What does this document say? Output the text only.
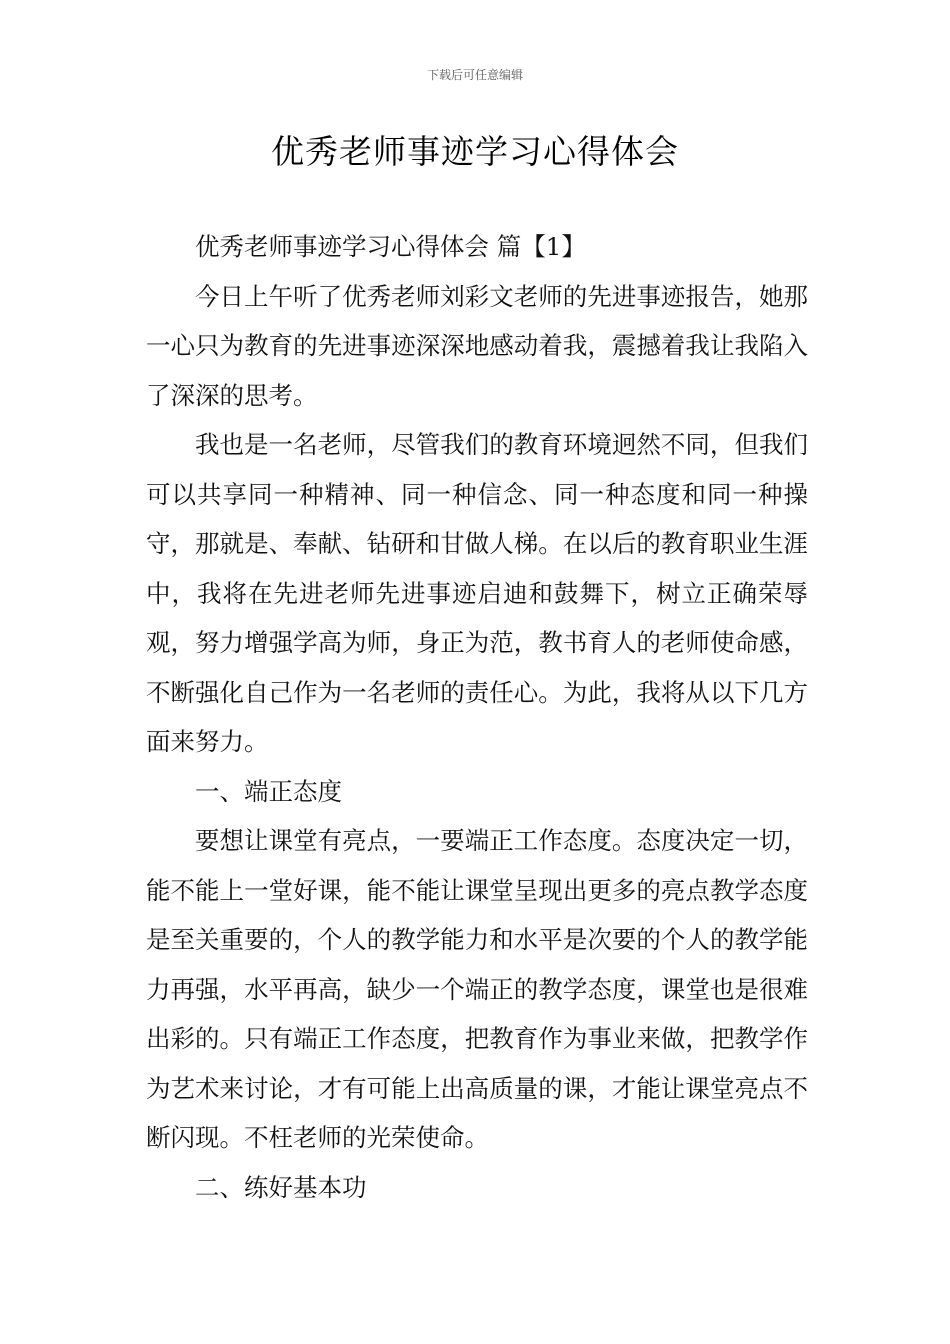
下载后可任意编辑
优秀老师事迹学习心得体会

优秀老师事迹学习心得体会 篇【1】

今日上午听了优秀老师刘彩文老师的先进事迹报告，她那一心只为教育的先进事迹深深地感动着我，震撼着我让我陷入了深深的思考。

我也是一名老师，尽管我们的教育环境迥然不同，但我们可以共享同一种精神、同一种信念、同一种态度和同一种操守，那就是、奉献、钻研和甘做人梯。在以后的教育职业生涯中，我将在先进老师先进事迹启迪和鼓舞下，树立正确荣辱观，努力增强学高为师，身正为范，教书育人的老师使命感，不断强化自己作为一名老师的责任心。为此，我将从以下几方面来努力。

一、端正态度

要想让课堂有亮点，一要端正工作态度。态度决定一切，能不能上一堂好课，能不能让课堂呈现出更多的亮点教学态度是至关重要的，个人的教学能力和水平是次要的个人的教学能力再强，水平再高，缺少一个端正的教学态度，课堂也是很难出彩的。只有端正工作态度，把教育作为事业来做，把教学作为艺术来讨论，才有可能上出高质量的课，才能让课堂亮点不断闪现。不枉老师的光荣使命。

二、练好基本功
